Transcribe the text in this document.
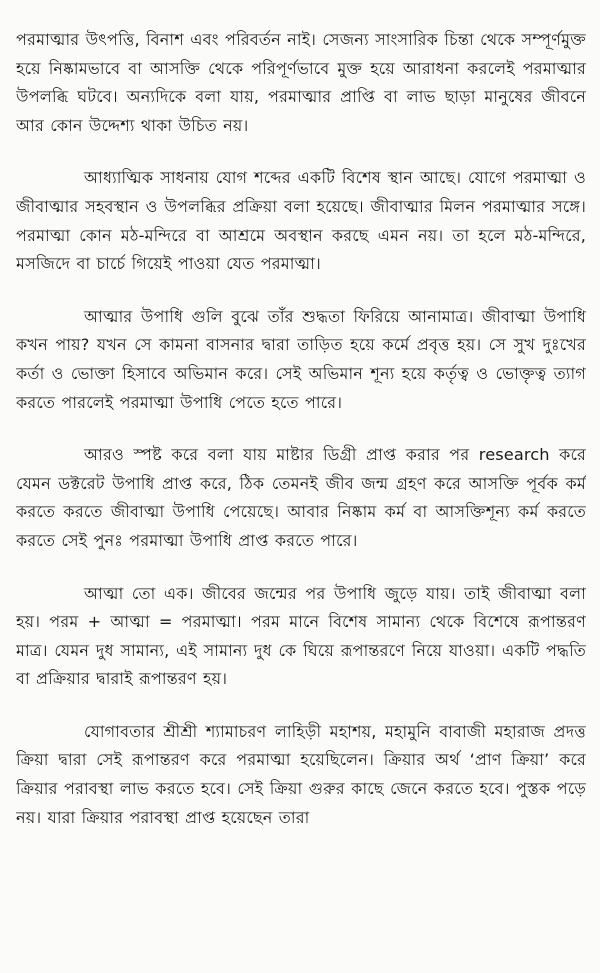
পরমাত্মার উৎপত্তি, বিনাশ এবং পরিবর্তন নাই। সেজন্য সাংসারিক চিন্তা থেকে সম্পূর্ণমুক্ত হয়ে নিষ্কামভাবে বা আসক্তি থেকে পরিপূর্ণভাবে মুক্ত হয়ে আরাধনা করলেই পরমাত্মার উপলব্ধি ঘটবে। অন্যদিকে বলা যায়, পরমাত্মার প্রাপ্তি বা লাভ ছাড়া মানুষের জীবনে আর কোন উদ্দেশ্য থাকা উচিত নয়।

আধ্যাত্মিক সাধনায় যোগ শব্দের একটি বিশেষ স্থান আছে। যোগে পরমাত্মা ও জীবাত্মার সহবস্থান ও উপলব্ধির প্রক্রিয়া বলা হয়েছে। জীবাত্মার মিলন পরমাত্মার সঙ্গে। পরমাত্মা কোন মঠ-মন্দিরে বা আশ্রমে অবস্থান করছে এমন নয়। তা হলে মঠ-মন্দিরে, মসজিদে বা চার্চে গিয়েই পাওয়া যেত পরমাত্মা।

আত্মার উপাধি গুলি বুঝে তাঁর শুদ্ধতা ফিরিয়ে আনামাত্র। জীবাত্মা উপাধি কখন পায়? যখন সে কামনা বাসনার দ্বারা তাড়িত হয়ে কর্মে প্রবৃত্ত হয়। সে সুখ দুঃখের কর্তা ও ভোক্তা হিসাবে অভিমান করে। সেই অভিমান শূন্য হয়ে কর্তৃত্ব ও ভোক্তৃত্ব ত্যাগ করতে পারলেই পরমাত্মা উপাধি পেতে হতে পারে।

আরও স্পষ্ট করে বলা যায় মাষ্টার ডিগ্রী প্রাপ্ত করার পর research করে যেমন ডক্টরেট উপাধি প্রাপ্ত করে, ঠিক তেমনই জীব জন্ম গ্রহণ করে আসক্তি পূর্বক কর্ম করতে করতে জীবাত্মা উপাধি পেয়েছে। আবার নিষ্কাম কর্ম বা আসক্তিশূন্য কর্ম করতে করতে সেই পুনঃ পরমাত্মা উপাধি প্রাপ্ত করতে পারে।

আত্মা তো এক। জীবের জন্মের পর উপাধি জুড়ে যায়। তাই জীবাত্মা বলা হয়। পরম + আত্মা = পরমাত্মা। পরম মানে বিশেষ সামান্য থেকে বিশেষে রূপান্তরণ মাত্র। যেমন দুধ সামান্য, এই সামান্য দুধ কে ঘিয়ে রূপান্তরণে নিয়ে যাওয়া। একটি পদ্ধতি বা প্রক্রিয়ার দ্বারাই রূপান্তরণ হয়।

যোগাবতার শ্রীশ্রী শ্যামাচরণ লাহিড়ী মহাশয়, মহামুনি বাবাজী মহারাজ প্রদত্ত ক্রিয়া দ্বারা সেই রূপান্তরণ করে পরমাত্মা হয়েছিলেন। ক্রিয়ার অর্থ ‘প্রাণ ক্রিয়া’ করে ক্রিয়ার পরাবস্থা লাভ করতে হবে। সেই ক্রিয়া গুরুর কাছে জেনে করতে হবে। পুস্তক পড়ে নয়। যারা ক্রিয়ার পরাবস্থা প্রাপ্ত হয়েছেন তারা
